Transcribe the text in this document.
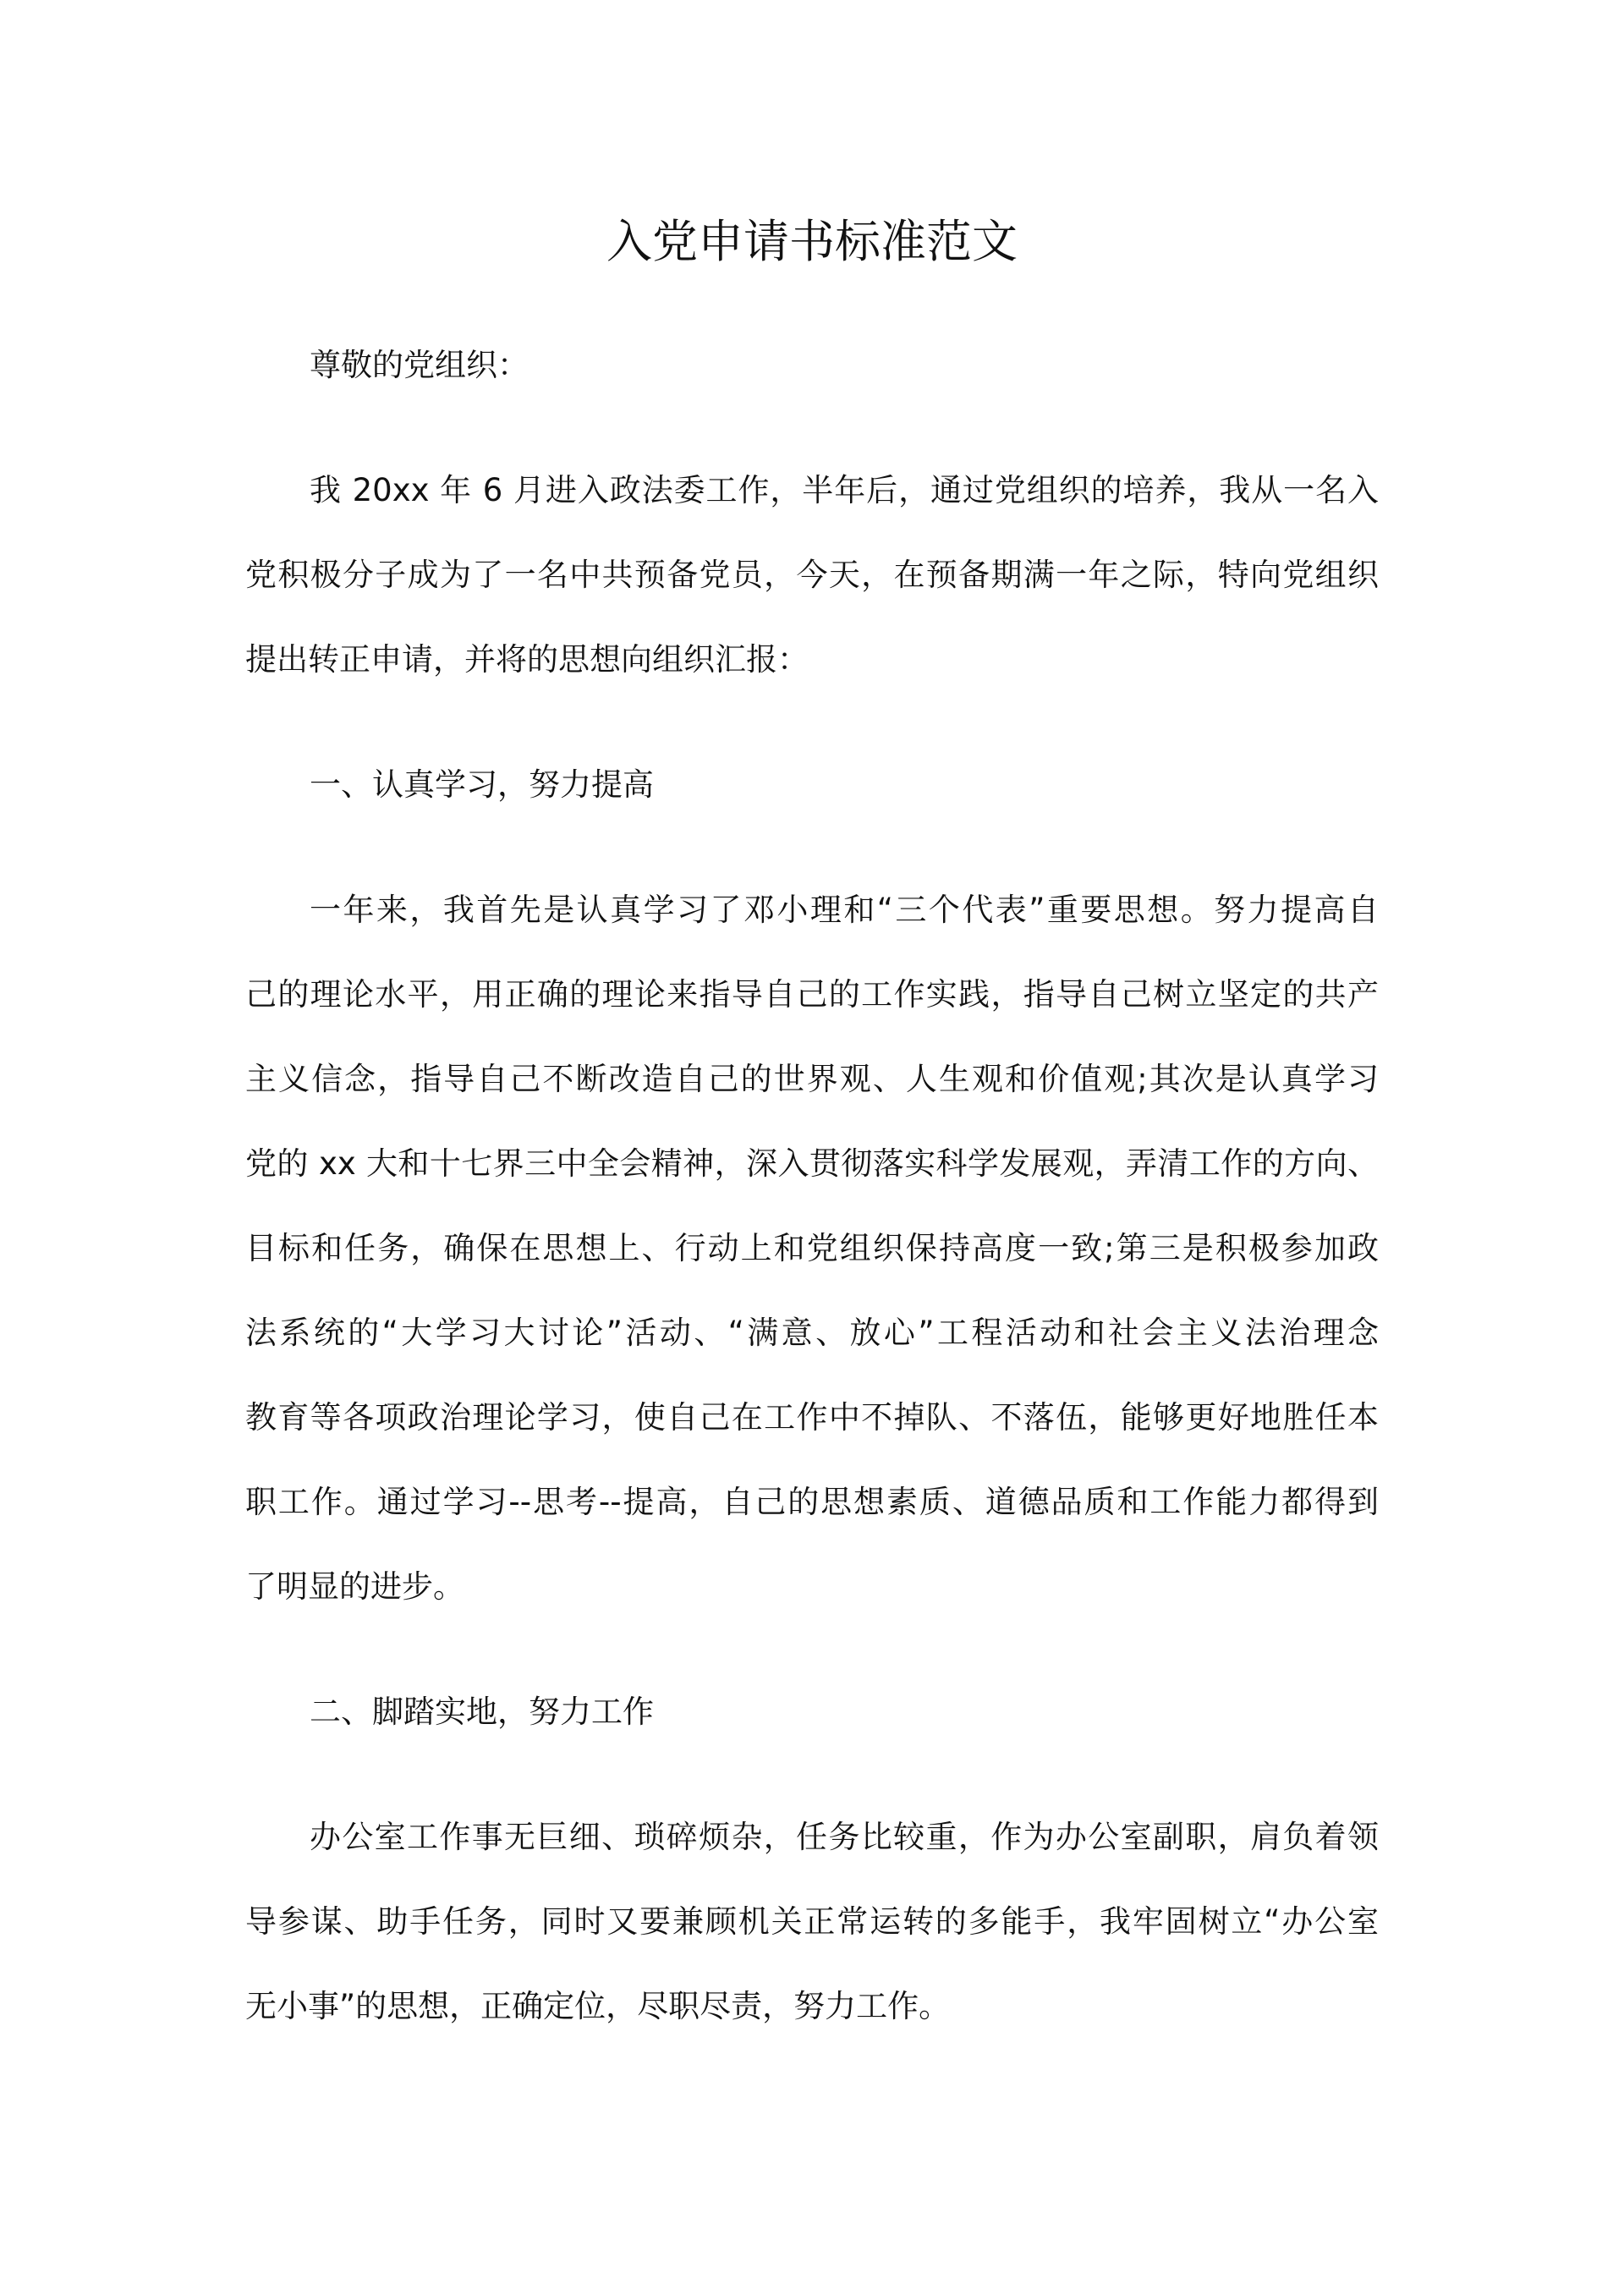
入党申请书标准范文
尊敬的党组织：
我 20xx 年 6 月进入政法委工作，半年后，通过党组织的培养，我从一名入
党积极分子成为了一名中共预备党员，今天，在预备期满一年之际，特向党组织
提出转正申请，并将的思想向组织汇报：
一、认真学习，努力提高
一年来，我首先是认真学习了邓小理和“三个代表”重要思想。努力提高自
己的理论水平，用正确的理论来指导自己的工作实践，指导自己树立坚定的共产
主义信念，指导自己不断改造自己的世界观、人生观和价值观;其次是认真学习
党的 xx 大和十七界三中全会精神，深入贯彻落实科学发展观，弄清工作的方向、
目标和任务，确保在思想上、行动上和党组织保持高度一致;第三是积极参加政
法系统的“大学习大讨论”活动、“满意、放心”工程活动和社会主义法治理念
教育等各项政治理论学习，使自己在工作中不掉队、不落伍，能够更好地胜任本
职工作。通过学习--思考--提高，自己的思想素质、道德品质和工作能力都得到
了明显的进步。
二、脚踏实地，努力工作
办公室工作事无巨细、琐碎烦杂，任务比较重，作为办公室副职，肩负着领
导参谋、助手任务，同时又要兼顾机关正常运转的多能手，我牢固树立“办公室
无小事”的思想，正确定位，尽职尽责，努力工作。
